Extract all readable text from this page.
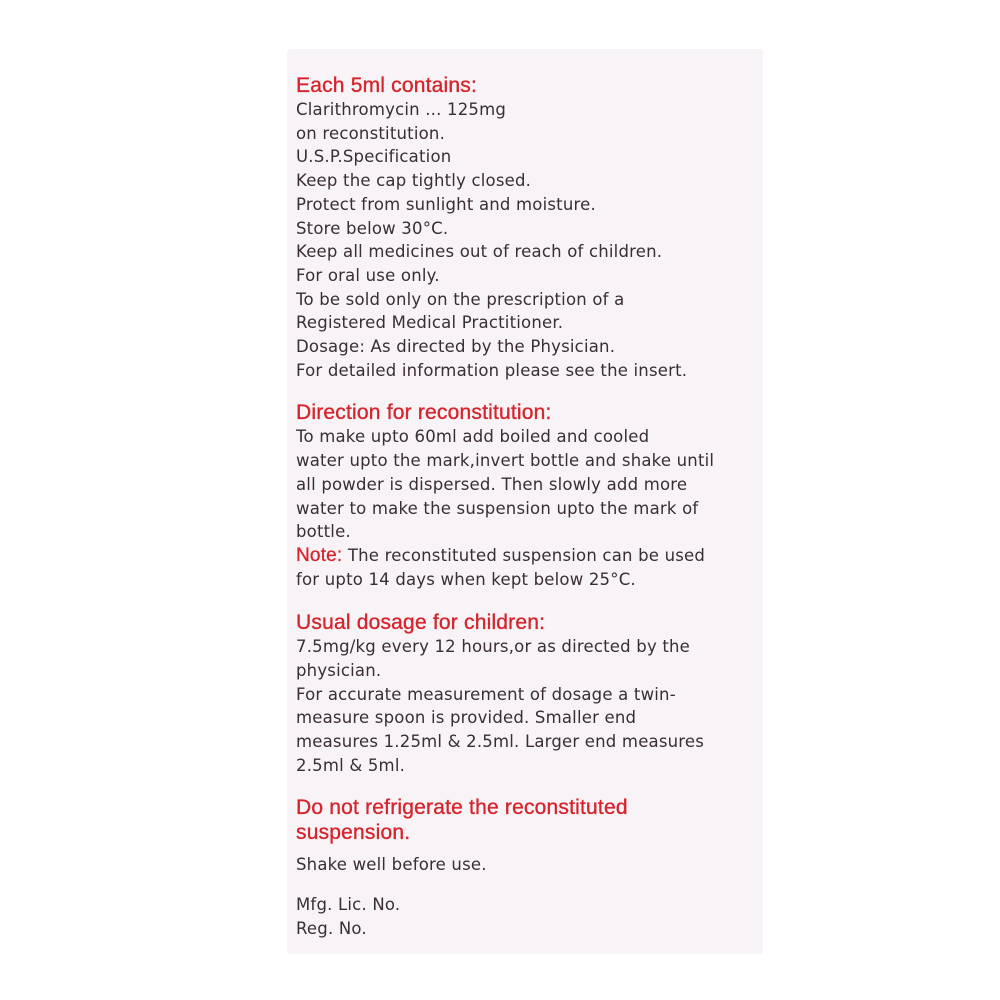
Each 5ml contains:

Clarithromycin ... 125mg

on reconstitution.

U.S.P.Specification

Keep the cap tightly closed.

Protect from sunlight and moisture.

Store below 30°C.

Keep all medicines out of reach of children.

For oral use only.

To be sold only on the prescription of a

Registered Medical Practitioner.

Dosage: As directed by the Physician.

For detailed information please see the insert.

Direction for reconstitution:

To make upto 60ml add boiled and cooled

water upto the mark,invert bottle and shake until

all powder is dispersed. Then slowly add more

water to make the suspension upto the mark of

bottle.

Note: The reconstituted suspension can be used

for upto 14 days when kept below 25°C.

Usual dosage for children:

7.5mg/kg every 12 hours,or as directed by the

physician.

For accurate measurement of dosage a twin-

measure spoon is provided. Smaller end

measures 1.25ml & 2.5ml. Larger end measures

2.5ml & 5ml.

Do not refrigerate the reconstituted

suspension.

Shake well before use.

Mfg. Lic. No.

Reg. No.
